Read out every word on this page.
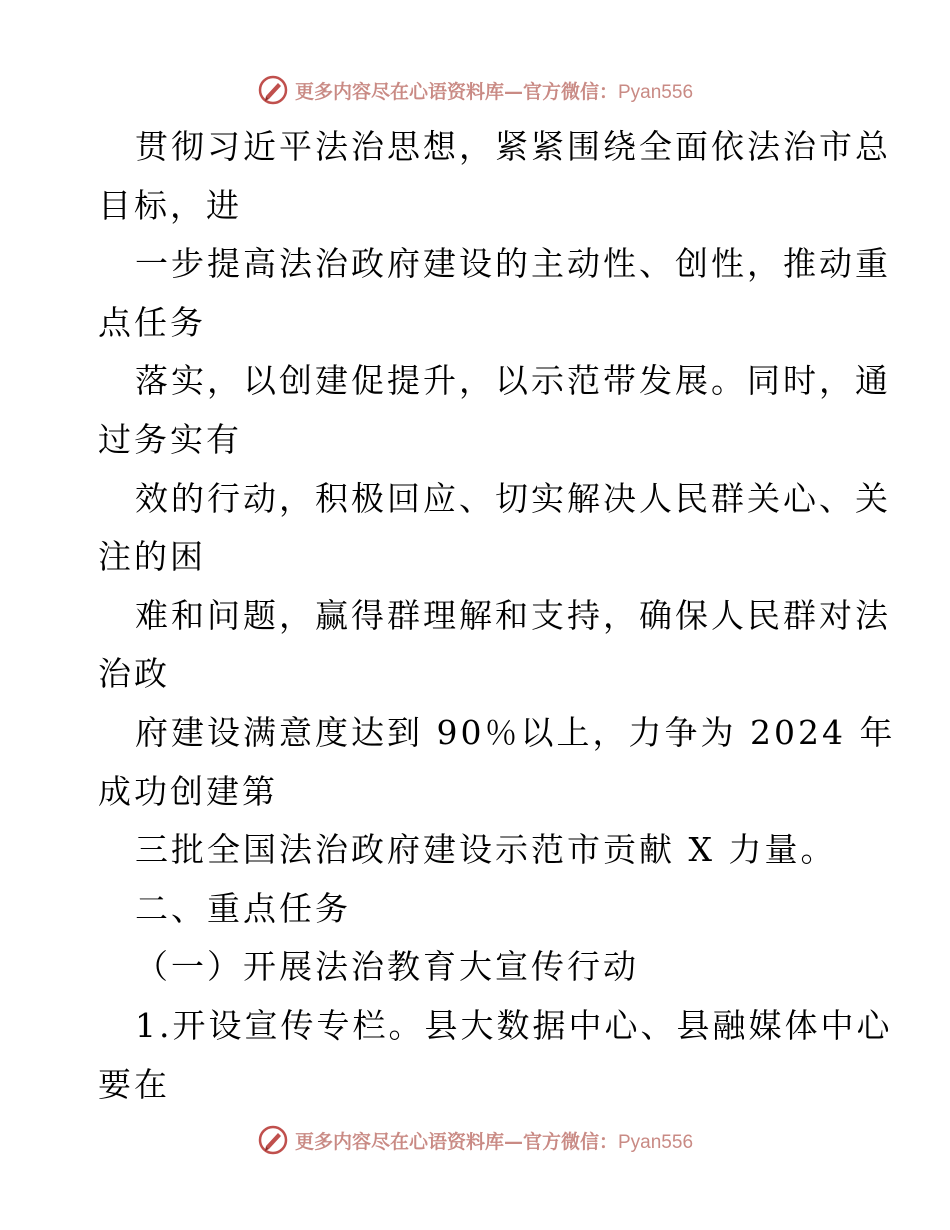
更多内容尽在心语资料库—官方微信：Pyan556
贯彻习近平法治思想，紧紧围绕全面依法治市总
目标，进
一步提高法治政府建设的主动性、创性，推动重
点任务
落实，以创建促提升，以示范带发展。同时，通
过务实有
效的行动，积极回应、切实解决人民群关心、关
注的困
难和问题，赢得群理解和支持，确保人民群对法
治政
府建设满意度达到 90％以上，力争为 2024 年
成功创建第
三批全国法治政府建设示范市贡献 X 力量。
二、重点任务
（一）开展法治教育大宣传行动
1.开设宣传专栏。县大数据中心、县融媒体中心
要在
更多内容尽在心语资料库—官方微信：Pyan556
